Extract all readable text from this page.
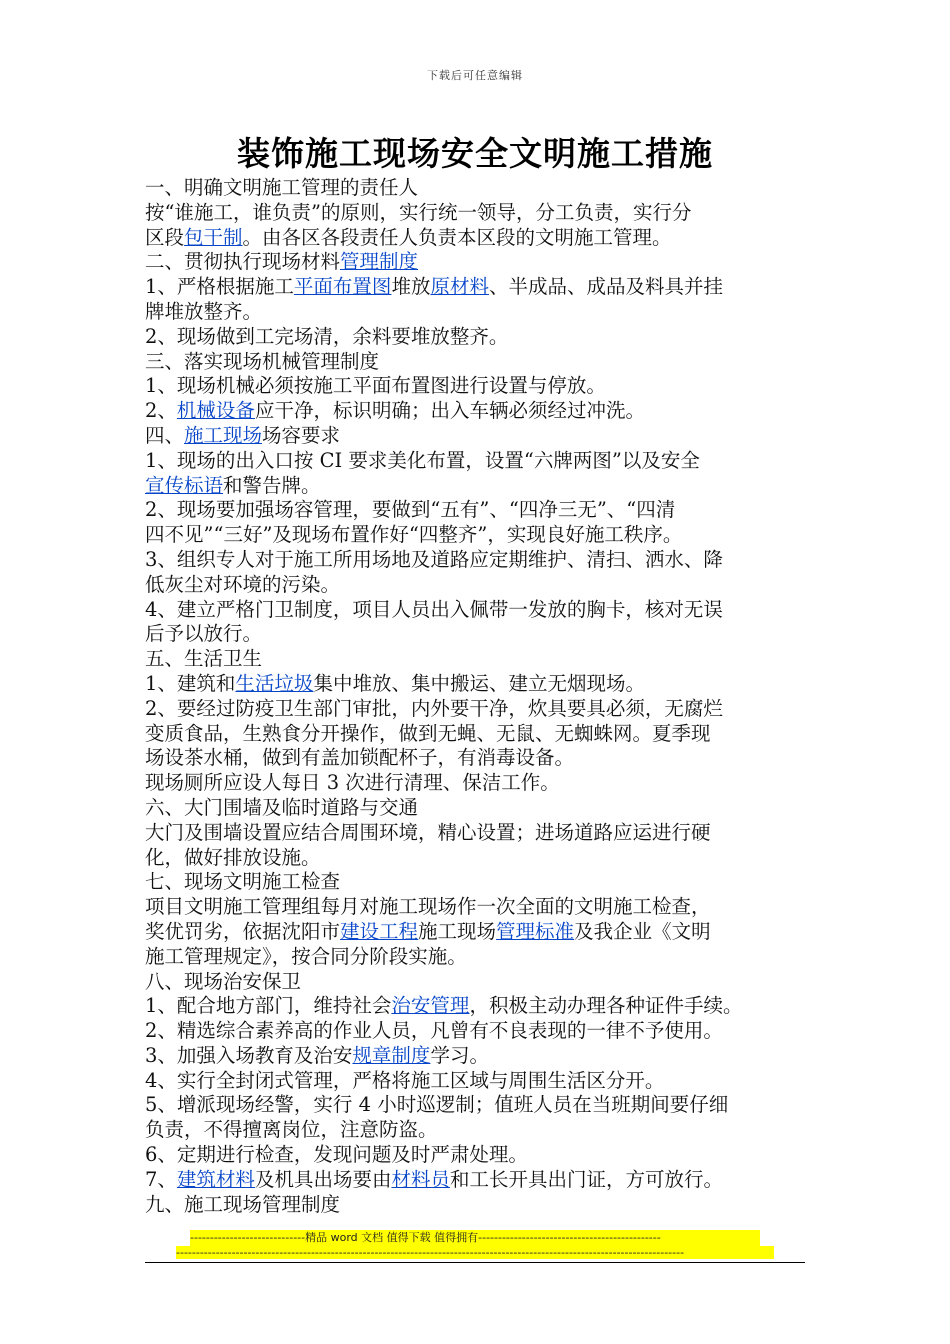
下载后可任意编辑
装饰施工现场安全文明施工措施
一、明确文明施工管理的责任人
按“谁施工，谁负责”的原则，实行统一领导，分工负责，实行分
区段包干制。由各区各段责任人负责本区段的文明施工管理。
二、贯彻执行现场材料管理制度
1、严格根据施工平面布置图堆放原材料、半成品、成品及料具并挂
牌堆放整齐。
2、现场做到工完场清，余料要堆放整齐。
三、落实现场机械管理制度
1、现场机械必须按施工平面布置图进行设置与停放。
2、机械设备应干净，标识明确；出入车辆必须经过冲洗。
四、施工现场场容要求
1、现场的出入口按 CI 要求美化布置，设置“六牌两图”以及安全
宣传标语和警告牌。
2、现场要加强场容管理，要做到“五有”、“四净三无”、“四清
四不见”“三好”及现场布置作好“四整齐”，实现良好施工秩序。
3、组织专人对于施工所用场地及道路应定期维护、清扫、洒水、降
低灰尘对环境的污染。
4、建立严格门卫制度，项目人员出入佩带一发放的胸卡，核对无误
后予以放行。
五、生活卫生
1、建筑和生活垃圾集中堆放、集中搬运、建立无烟现场。
2、要经过防疫卫生部门审批，内外要干净，炊具要具必须，无腐烂
变质食品，生熟食分开操作，做到无蝇、无鼠、无蜘蛛网。夏季现
场设茶水桶，做到有盖加锁配杯子，有消毒设备。
现场厕所应设人每日 3 次进行清理、保洁工作。
六、大门围墙及临时道路与交通
大门及围墙设置应结合周围环境，精心设置；进场道路应运进行硬
化，做好排放设施。
七、现场文明施工检查
项目文明施工管理组每月对施工现场作一次全面的文明施工检查，
奖优罚劣，依据沈阳市建设工程施工现场管理标准及我企业《文明
施工管理规定》，按合同分阶段实施。
八、现场治安保卫
1、配合地方部门，维持社会治安管理，积极主动办理各种证件手续。
2、精选综合素养高的作业人员，凡曾有不良表现的一律不予使用。
3、加强入场教育及治安规章制度学习。
4、实行全封闭式管理，严格将施工区域与周围生活区分开。
5、增派现场经警，实行 4 小时巡逻制；值班人员在当班期间要仔细
负责，不得擅离岗位，注意防盗。
6、定期进行检查，发现问题及时严肃处理。
7、建筑材料及机具出场要由材料员和工长开具出门证，方可放行。
九、施工现场管理制度
-----------------------------精品 word 文档 值得下载 值得拥有----------------------------------------------
--------------------------------------------------------------------------------------------------------------------------------
